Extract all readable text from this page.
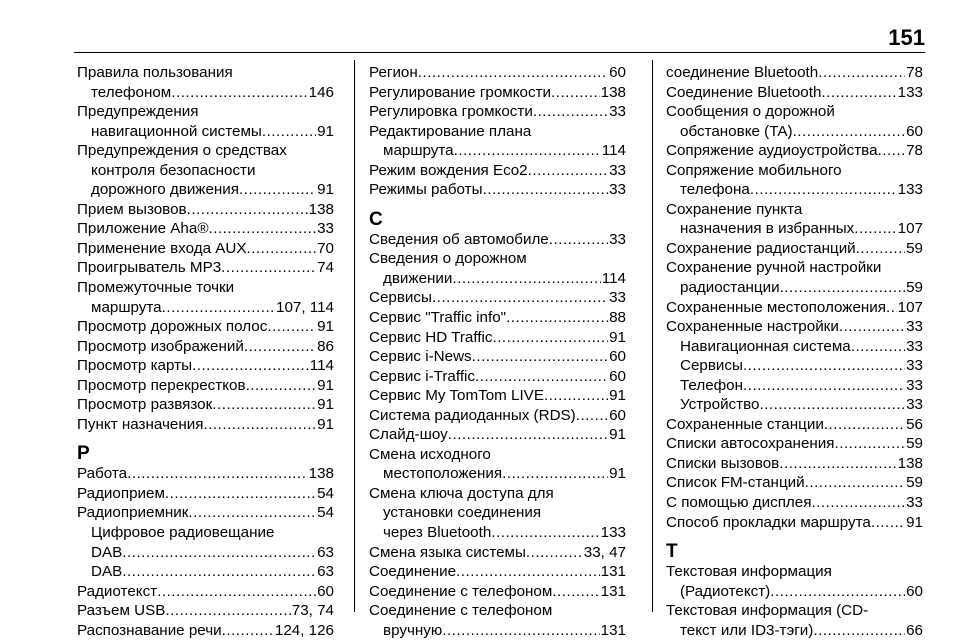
151
Правила пользования
телефоном .....	146
Предупреждения
навигационной системы .....	91
Предупреждения о средствах
контроля безопасности
дорожного движения .....	91
Прием вызовов .....	138
Приложение Aha® .....	33
Применение входа AUX .....	70
Проигрыватель MP3 .....	74
Промежуточные точки
маршрута .....	107, 114
Просмотр дорожных полос .....	91
Просмотр изображений .....	86
Просмотр карты .....	114
Просмотр перекрестков .....	91
Просмотр развязок .....	91
Пункт назначения .....	91
Р
Работа .....	138
Радиоприем .....	54
Радиоприемник .....	54
Цифровое радиовещание
DAB .....	63
DAB .....	63
Радиотекст .....	60
Разъем USB .....	73, 74
Распознавание речи .....	124, 126
Регион .....	60
Регулирование громкости .....	138
Регулировка громкости .....	33
Редактирование плана
маршрута .....	114
Режим вождения Eco2 .....	33
Режимы работы .....	33
С
Сведения об автомобиле .....	33
Сведения о дорожном
движении .....	114
Сервисы .....	33
Сервис "Traffic info" .....	88
Сервис HD Traffic .....	91
Сервис i-News .....	60
Сервис i-Traffic .....	60
Сервис My TomTom LIVE .....	91
Система радиоданных (RDS) ..... 60
Слайд-шоу .....	91
Смена исходного
местоположения .....	91
Смена ключа доступа для
установки соединения
через Bluetooth .....	133
Смена языка системы .....	33, 47
Соединение .....	131
Соединение с телефоном .....	131
Соединение с телефоном
вручную .....	131
соединение Bluetooth .....	78
Соединение Bluetooth .....	133
Сообщения о дорожной
обстановке (TA) .....	60
Сопряжение аудиоустройства ..... 78
Сопряжение мобильного
телефона .....	133
Сохранение пункта
назначения в избранных .....	107
Сохранение радиостанций .....	59
Сохранение ручной настройки
радиостанции .....	59
Сохраненные местоположения ..... 107
Сохраненные настройки .....	33
Навигационная система .....	33
Сервисы .....	33
Телефон .....	33
Устройство .....	33
Сохраненные станции .....	56
Списки автосохранения .....	59
Списки вызовов .....	138
Список FM-станций .....	59
С помощью дисплея .....	33
Способ прокладки маршрута ..... 91
Т
Текстовая информация
(Радиотекст) .....	60
Текстовая информация (CD-
текст или ID3-тэги) .....	66
